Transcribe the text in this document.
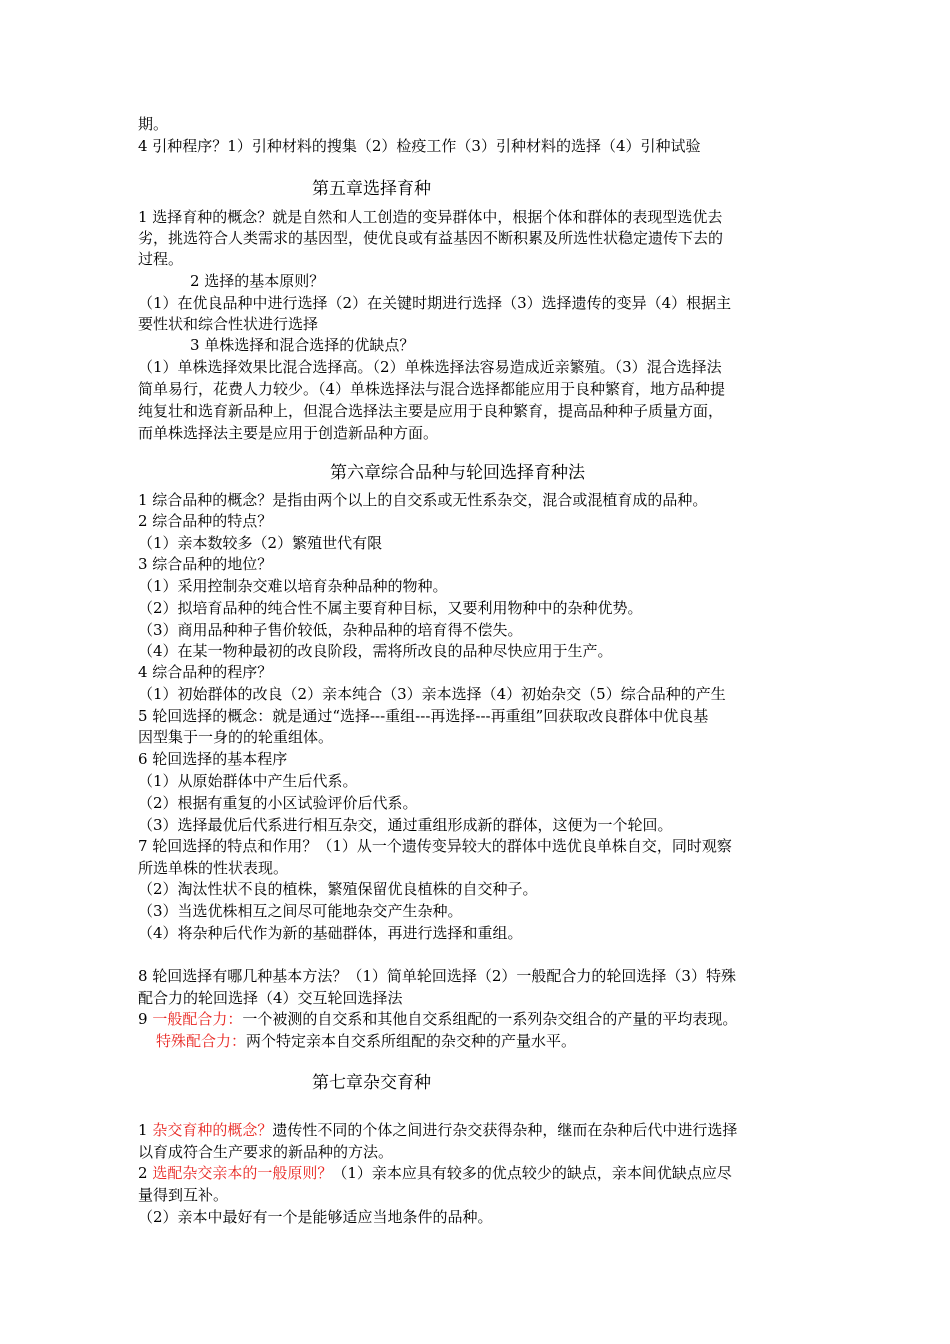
期。
4 引种程序？1）引种材料的搜集（2）检疫工作（3）引种材料的选择（4）引种试验
第五章选择育种
1 选择育种的概念？就是自然和人工创造的变异群体中，根据个体和群体的表现型选优去
劣，挑选符合人类需求的基因型，使优良或有益基因不断积累及所选性状稳定遗传下去的
过程。
2 选择的基本原则？
（1）在优良品种中进行选择（2）在关键时期进行选择（3）选择遗传的变异（4）根据主
要性状和综合性状进行选择
3 单株选择和混合选择的优缺点？
（1）单株选择效果比混合选择高。（2）单株选择法容易造成近亲繁殖。（3）混合选择法
简单易行，花费人力较少。（4）单株选择法与混合选择都能应用于良种繁育，地方品种提
纯复壮和选育新品种上，但混合选择法主要是应用于良种繁育，提高品种种子质量方面，
而单株选择法主要是应用于创造新品种方面。
第六章综合品种与轮回选择育种法
1 综合品种的概念？是指由两个以上的自交系或无性系杂交，混合或混植育成的品种。
2 综合品种的特点？
（1）亲本数较多（2）繁殖世代有限
3 综合品种的地位？
（1）采用控制杂交难以培育杂种品种的物种。
（2）拟培育品种的纯合性不属主要育种目标，又要利用物种中的杂种优势。
（3）商用品种种子售价较低，杂种品种的培育得不偿失。
（4）在某一物种最初的改良阶段，需将所改良的品种尽快应用于生产。
4 综合品种的程序？
（1）初始群体的改良（2）亲本纯合（3）亲本选择（4）初始杂交（5）综合品种的产生
5 轮回选择的概念：就是通过“选择---重组---再选择---再重组”回获取改良群体中优良基
因型集于一身的的轮重组体。
6 轮回选择的基本程序
（1）从原始群体中产生后代系。
（2）根据有重复的小区试验评价后代系。
（3）选择最优后代系进行相互杂交，通过重组形成新的群体，这便为一个轮回。
7 轮回选择的特点和作用？（1）从一个遗传变异较大的群体中选优良单株自交，同时观察
所选单株的性状表现。
（2）淘汰性状不良的植株，繁殖保留优良植株的自交种子。
（3）当选优株相互之间尽可能地杂交产生杂种。
（4）将杂种后代作为新的基础群体，再进行选择和重组。
8 轮回选择有哪几种基本方法？（1）简单轮回选择（2）一般配合力的轮回选择（3）特殊
配合力的轮回选择（4）交互轮回选择法
9 一般配合力：一个被测的自交系和其他自交系组配的一系列杂交组合的产量的平均表现。
特殊配合力：两个特定亲本自交系所组配的杂交种的产量水平。
第七章杂交育种
1 杂交育种的概念？遗传性不同的个体之间进行杂交获得杂种，继而在杂种后代中进行选择
以育成符合生产要求的新品种的方法。
2 选配杂交亲本的一般原则？（1）亲本应具有较多的优点较少的缺点，亲本间优缺点应尽
量得到互补。
（2）亲本中最好有一个是能够适应当地条件的品种。
